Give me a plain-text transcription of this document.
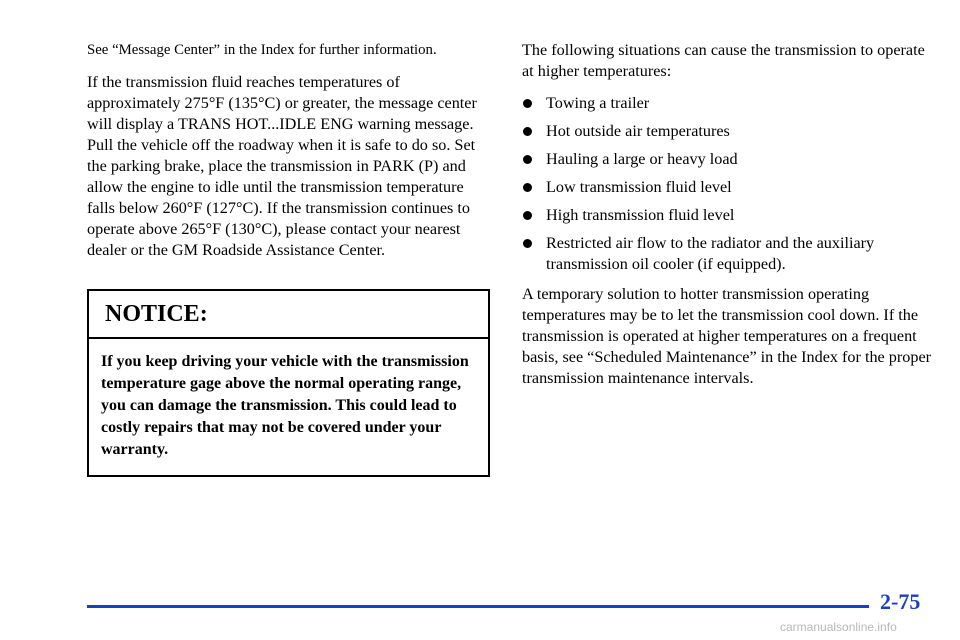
See “Message Center” in the Index for further information.

If the transmission fluid reaches temperatures of approximately 275°F (135°C) or greater, the message center will display a TRANS HOT...IDLE ENG warning message. Pull the vehicle off the roadway when it is safe to do so. Set the parking brake, place the transmission in PARK (P) and allow the engine to idle until the transmission temperature falls below 260°F (127°C). If the transmission continues to operate above 265°F (130°C), please contact your nearest dealer or the GM Roadside Assistance Center.

NOTICE:
If you keep driving your vehicle with the transmission temperature gage above the normal operating range, you can damage the transmission. This could lead to costly repairs that may not be covered under your warranty.

The following situations can cause the transmission to operate at higher temperatures:

Towing a trailer
Hot outside air temperatures
Hauling a large or heavy load
Low transmission fluid level
High transmission fluid level
Restricted air flow to the radiator and the auxiliary transmission oil cooler (if equipped).

A temporary solution to hotter transmission operating temperatures may be to let the transmission cool down. If the transmission is operated at higher temperatures on a frequent basis, see “Scheduled Maintenance” in the Index for the proper transmission maintenance intervals.

2-75
carmanualsonline.info
